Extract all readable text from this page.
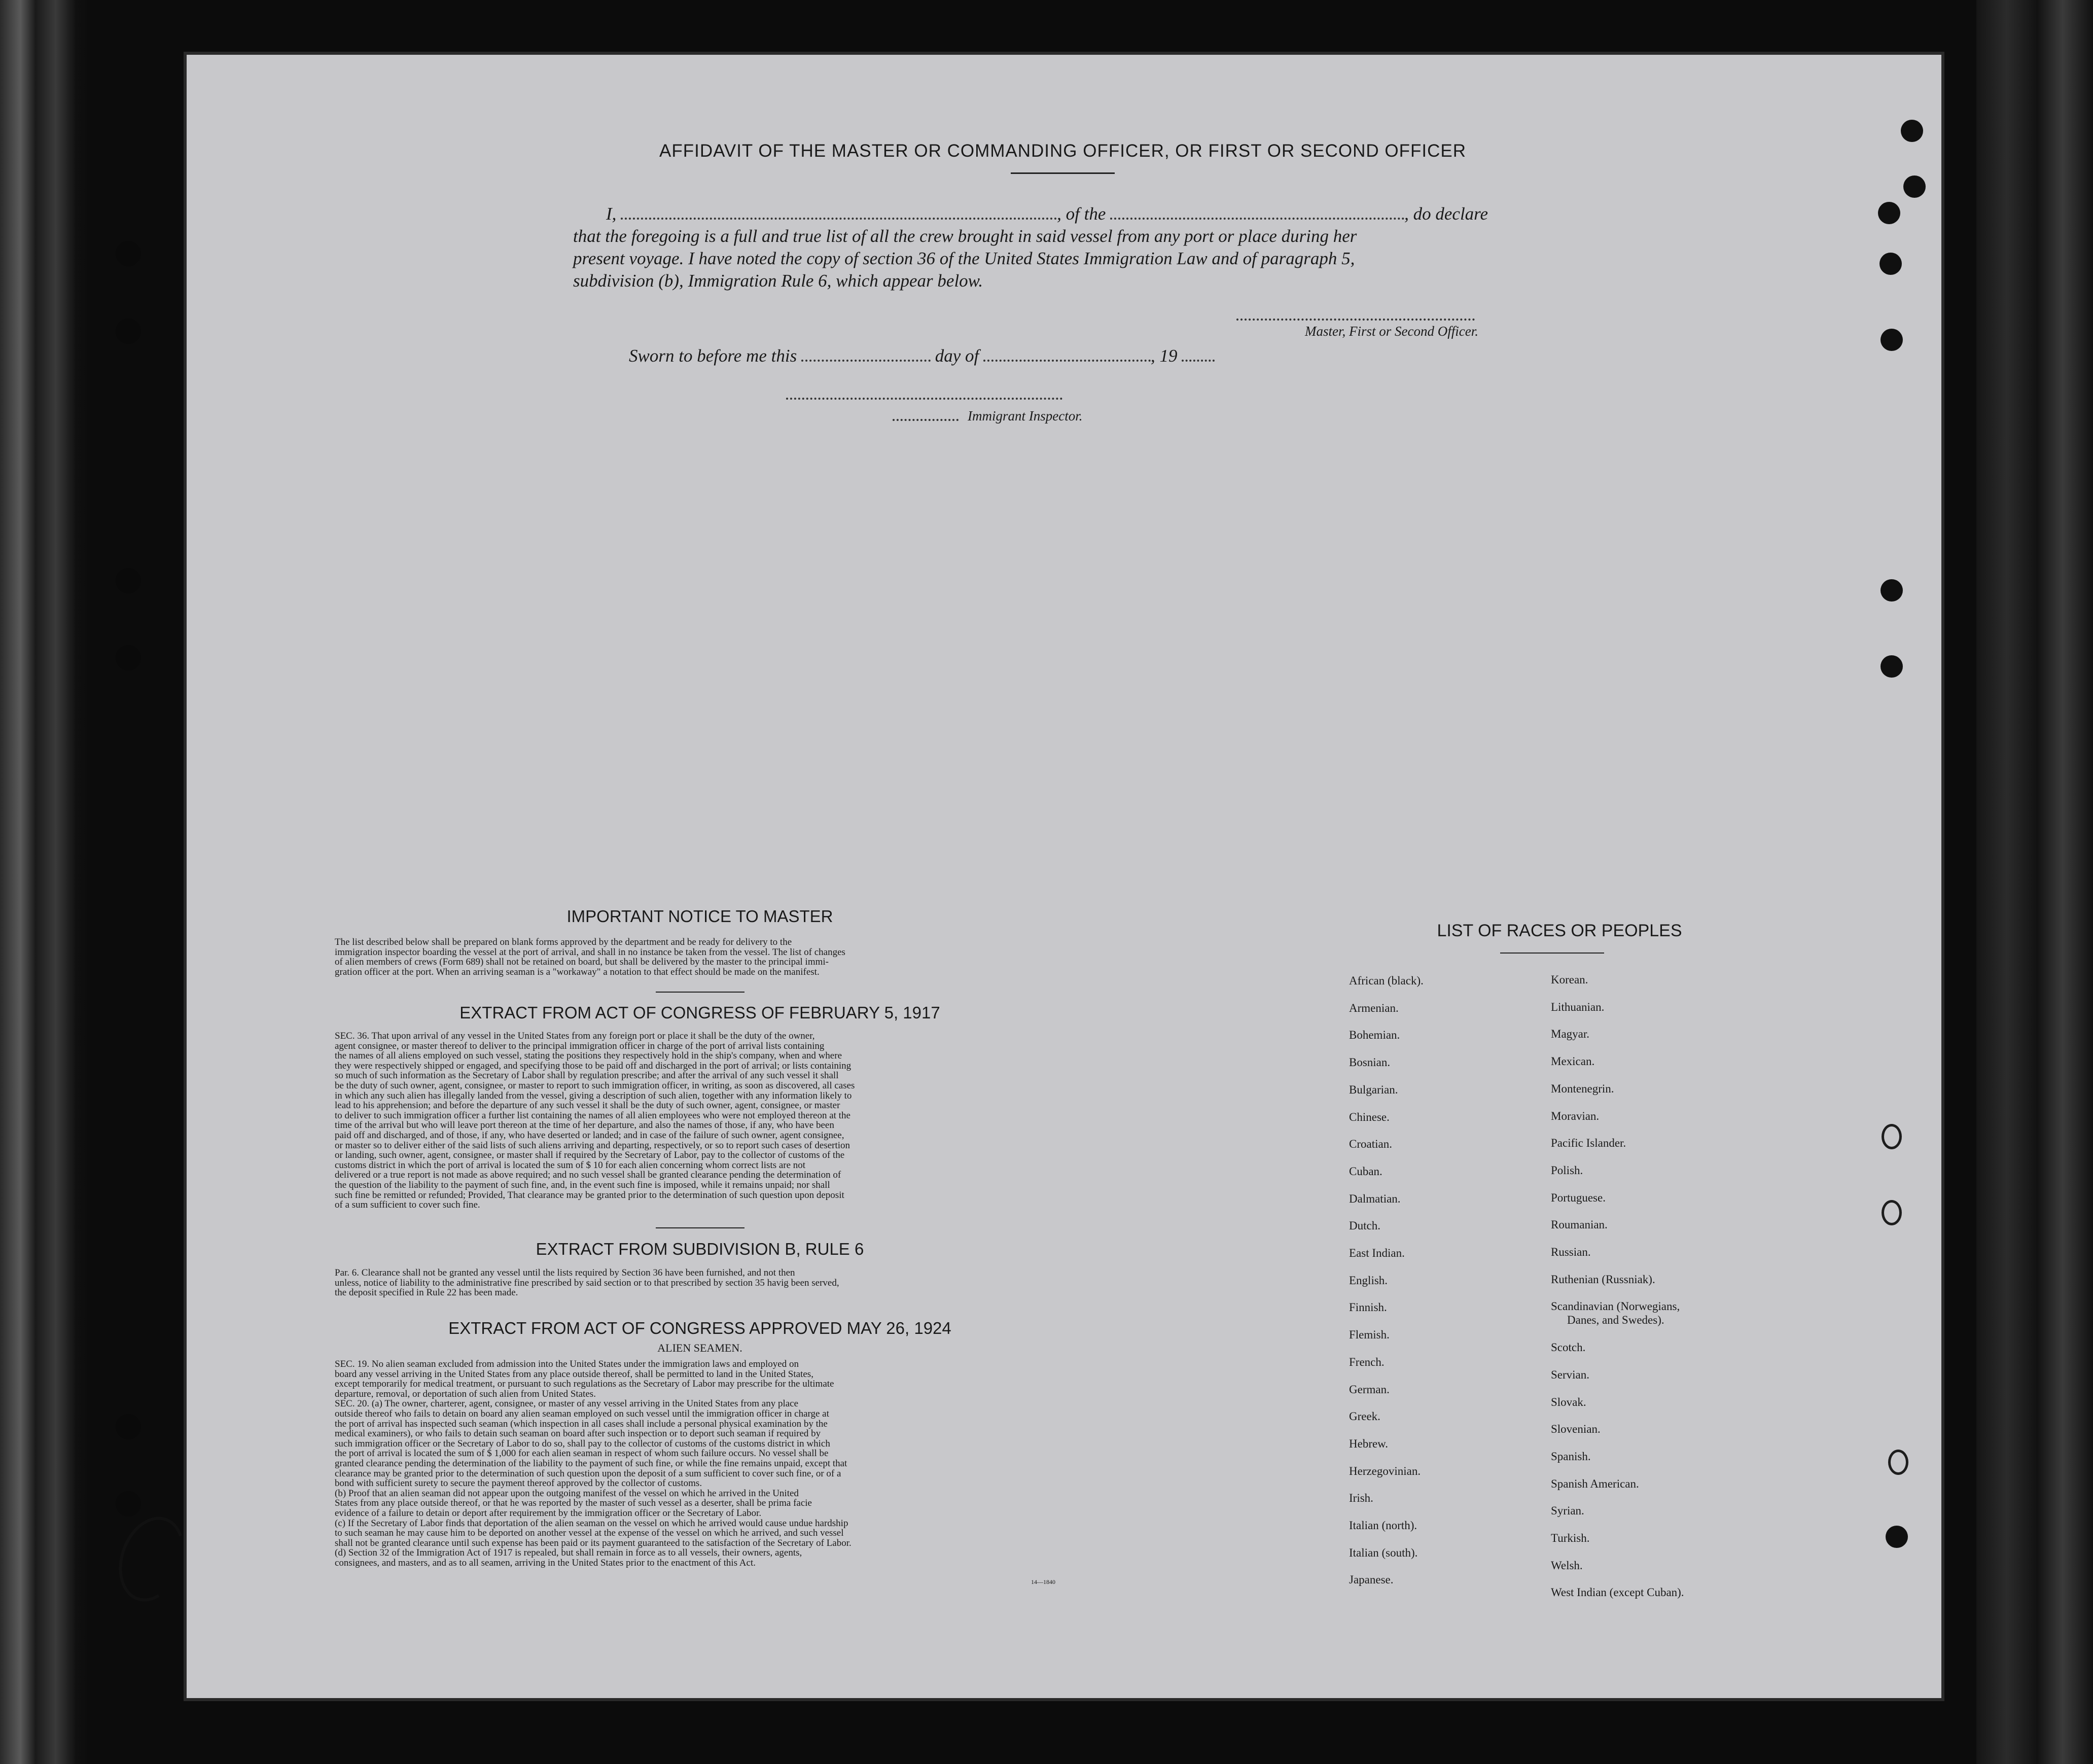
AFFIDAVIT OF THE MASTER OR COMMANDING OFFICER, OR FIRST OR SECOND OFFICER
I,	, of the	, do declare
that the foregoing is a full and true list of all the crew brought in said vessel from any port or place during her
present voyage. I have noted the copy of section 36 of the United States Immigration Law and of paragraph 5,
subdivision (b), Immigration Rule 6, which appear below.
Master, First or Second Officer.
Sworn to before me this	day of	, 19
Immigrant Inspector.
IMPORTANT NOTICE TO MASTER
The list described below shall be prepared on blank forms approved by the department and be ready for delivery to the
immigration inspector boarding the vessel at the port of arrival, and shall in no instance be taken from the vessel. The list of changes
of alien members of crews (Form 689) shall not be retained on board, but shall be delivered by the master to the principal immi-
gration officer at the port. When an arriving seaman is a "workaway" a notation to that effect should be made on the manifest.
EXTRACT FROM ACT OF CONGRESS OF FEBRUARY 5, 1917
SEC. 36. That upon arrival of any vessel in the United States from any foreign port or place it shall be the duty of the owner,
agent consignee, or master thereof to deliver to the principal immigration officer in charge of the port of arrival lists containing
the names of all aliens employed on such vessel, stating the positions they respectively hold in the ship's company, when and where
they were respectively shipped or engaged, and specifying those to be paid off and discharged in the port of arrival; or lists containing
so much of such information as the Secretary of Labor shall by regulation prescribe; and after the arrival of any such vessel it shall
be the duty of such owner, agent, consignee, or master to report to such immigration officer, in writing, as soon as discovered, all cases
in which any such alien has illegally landed from the vessel, giving a description of such alien, together with any information likely to
lead to his apprehension; and before the departure of any such vessel it shall be the duty of such owner, agent, consignee, or master
to deliver to such immigration officer a further list containing the names of all alien employees who were not employed thereon at the
time of the arrival but who will leave port thereon at the time of her departure, and also the names of those, if any, who have been
paid off and discharged, and of those, if any, who have deserted or landed; and in case of the failure of such owner, agent consignee,
or master so to deliver either of the said lists of such aliens arriving and departing, respectively, or so to report such cases of desertion
or landing, such owner, agent, consignee, or master shall if required by the Secretary of Labor, pay to the collector of customs of the
customs district in which the port of arrival is located the sum of $ 10 for each alien concerning whom correct lists are not
delivered or a true report is not made as above required; and no such vessel shall be granted clearance pending the determination of
the question of the liability to the payment of such fine, and, in the event such fine is imposed, while it remains unpaid; nor shall
such fine be remitted or refunded; Provided, That clearance may be granted prior to the determination of such question upon deposit
of a sum sufficient to cover such fine.
EXTRACT FROM SUBDIVISION B, RULE 6
Par. 6. Clearance shall not be granted any vessel until the lists required by Section 36 have been furnished, and not then
unless, notice of liability to the administrative fine prescribed by said section or to that prescribed by section 35 havig been served,
the deposit specified in Rule 22 has been made.
EXTRACT FROM ACT OF CONGRESS APPROVED MAY 26, 1924
ALIEN SEAMEN.
SEC. 19. No alien seaman excluded from admission into the United States under the immigration laws and employed on
board any vessel arriving in the United States from any place outside thereof, shall be permitted to land in the United States,
except temporarily for medical treatment, or pursuant to such regulations as the Secretary of Labor may prescribe for the ultimate
departure, removal, or deportation of such alien from United States.
SEC. 20. (a) The owner, charterer, agent, consignee, or master of any vessel arriving in the United States from any place
outside thereof who fails to detain on board any alien seaman employed on such vessel until the immigration officer in charge at
the port of arrival has inspected such seaman (which inspection in all cases shall include a personal physical examination by the
medical examiners), or who fails to detain such seaman on board after such inspection or to deport such seaman if required by
such immigration officer or the Secretary of Labor to do so, shall pay to the collector of customs of the customs district in which
the port of arrival is located the sum of $ 1,000 for each alien seaman in respect of whom such failure occurs. No vessel shall be
granted clearance pending the determination of the liability to the payment of such fine, or while the fine remains unpaid, except that
clearance may be granted prior to the determination of such question upon the deposit of a sum sufficient to cover such fine, or of a
bond with sufficient surety to secure the payment thereof approved by the collector of customs.
(b) Proof that an alien seaman did not appear upon the outgoing manifest of the vessel on which he arrived in the United
States from any place outside thereof, or that he was reported by the master of such vessel as a deserter, shall be prima facie
evidence of a failure to detain or deport after requirement by the immigration officer or the Secretary of Labor.
(c) If the Secretary of Labor finds that deportation of the alien seaman on the vessel on which he arrived would cause undue hardship
to such seaman he may cause him to be deported on another vessel at the expense of the vessel on which he arrived, and such vessel
shall not be granted clearance until such expense has been paid or its payment guaranteed to the satisfaction of the Secretary of Labor.
(d) Section 32 of the Immigration Act of 1917 is repealed, but shall remain in force as to all vessels, their owners, agents,
consignees, and masters, and as to all seamen, arriving in the United States prior to the enactment of this Act.
14—1840
LIST OF RACES OR PEOPLES
African (black).
Armenian.
Bohemian.
Bosnian.
Bulgarian.
Chinese.
Croatian.
Cuban.
Dalmatian.
Dutch.
East Indian.
English.
Finnish.
Flemish.
French.
German.
Greek.
Hebrew.
Herzegovinian.
Irish.
Italian (north).
Italian (south).
Japanese.
Korean.
Lithuanian.
Magyar.
Mexican.
Montenegrin.
Moravian.
Pacific Islander.
Polish.
Portuguese.
Roumanian.
Russian.
Ruthenian (Russniak).
Scandinavian (Norwegians,
Danes, and Swedes).
Scotch.
Servian.
Slovak.
Slovenian.
Spanish.
Spanish American.
Syrian.
Turkish.
Welsh.
West Indian (except Cuban).
